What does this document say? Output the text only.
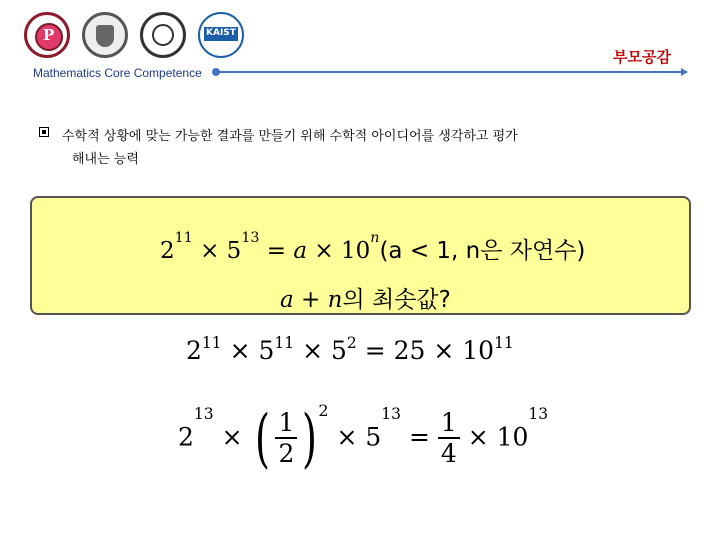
P
KAIST
부모공감
Mathematics Core Competence
수학적 상황에 맞는 가능한 결과를 만들기 위해 수학적 아이디어를 생각하고 평가
해내는 능력
$2^{11} \times 5^{13} = a \times 10^n(a < 1$, n은 자연수)
a + n의 최솟값?
$2^{11} \times 5^{11} \times 5^2 = 25 \times 10^{11}$
$2^{13}$ × ( $\frac{1}{2} )2 \times 5^{13} = \frac{1}{4} \times 10^{13}$
